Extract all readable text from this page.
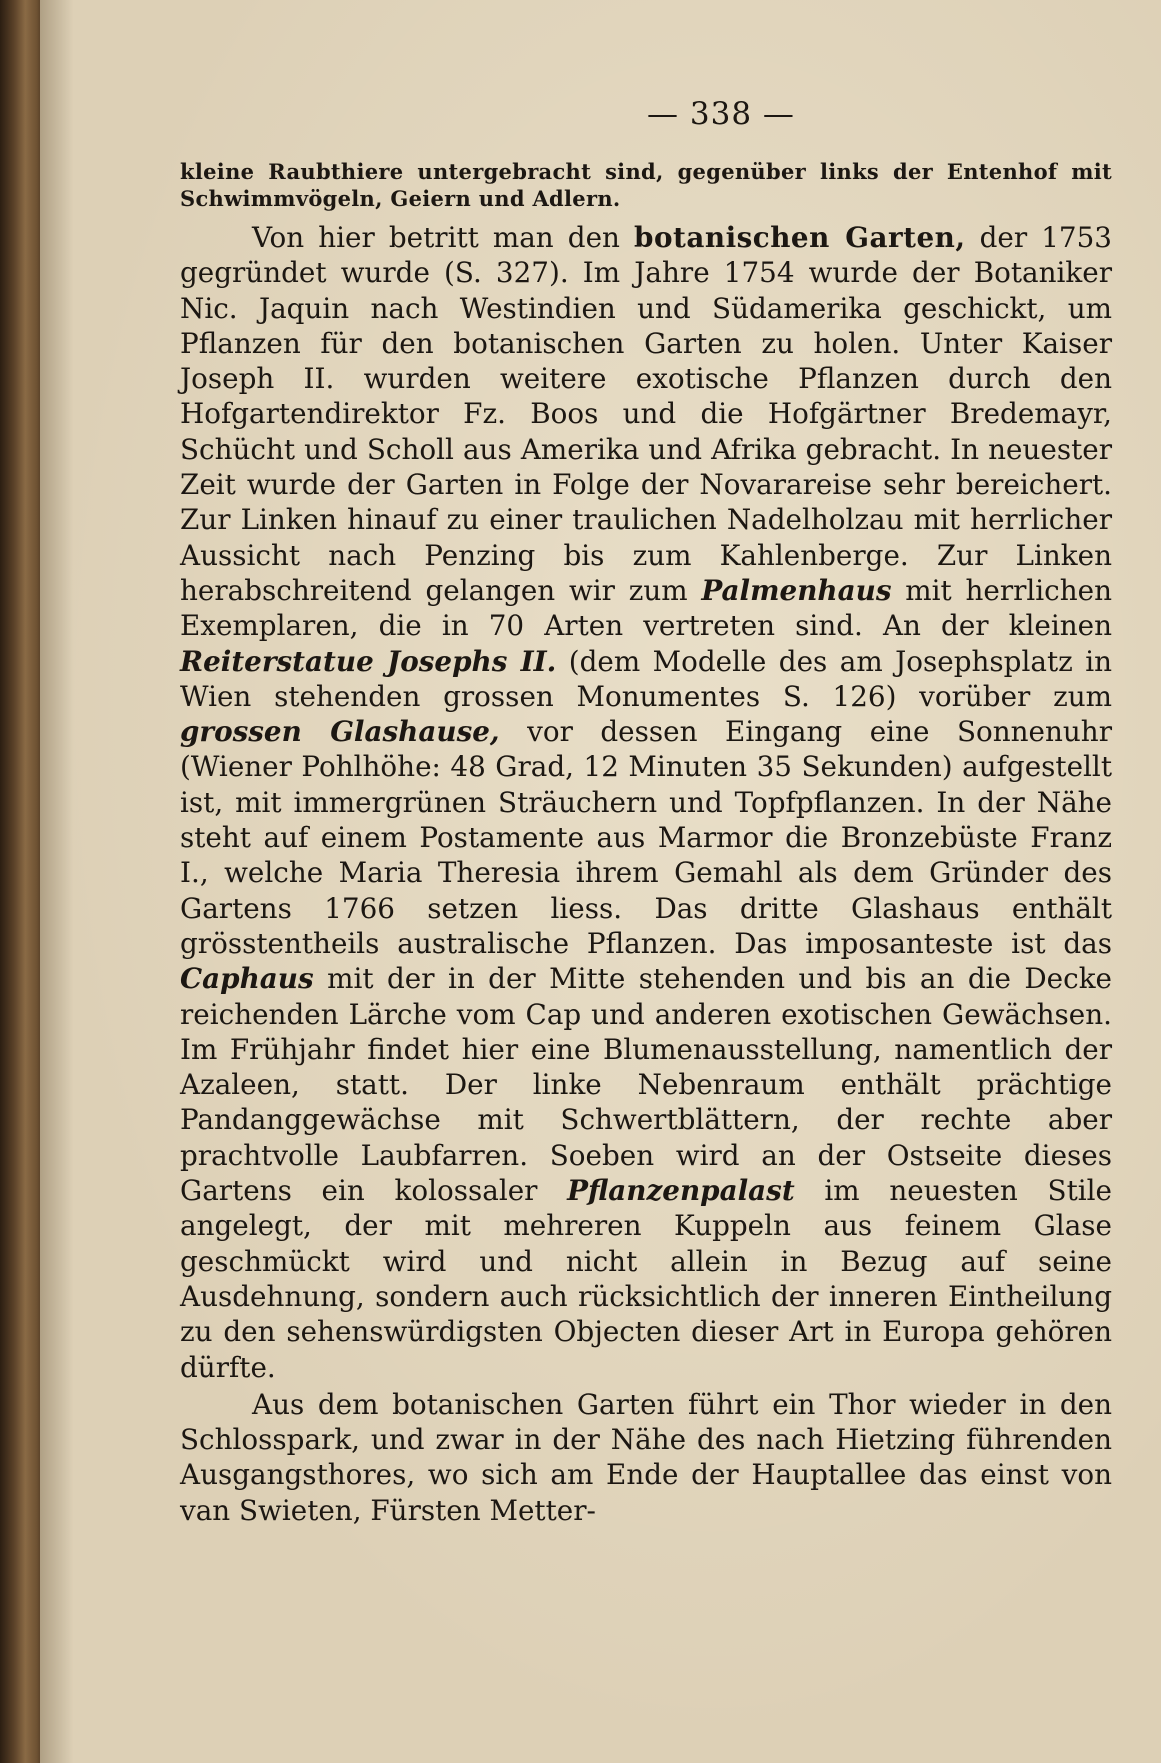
— 338 —
kleine Raubthiere untergebracht sind, gegenüber links der Entenhof mit Schwimmvögeln, Geiern und Adlern.

Von hier betritt man den botanischen Garten, der 1753 gegründet wurde (S. 327). Im Jahre 1754 wurde der Botaniker Nic. Jaquin nach Westindien und Südamerika geschickt, um Pflanzen für den botanischen Garten zu holen. Unter Kaiser Joseph II. wurden weitere exotische Pflanzen durch den Hofgartendirektor Fz. Boos und die Hofgärtner Bredemayr, Schücht und Scholl aus Amerika und Afrika gebracht. In neuester Zeit wurde der Garten in Folge der Novarareise sehr bereichert. Zur Linken hinauf zu einer traulichen Nadelholzau mit herrlicher Aussicht nach Penzing bis zum Kahlenberge. Zur Linken herabschreitend gelangen wir zum Palmenhaus mit herrlichen Exemplaren, die in 70 Arten vertreten sind. An der kleinen Reiterstatue Josephs II. (dem Modelle des am Josephsplatz in Wien stehenden grossen Monumentes S. 126) vorüber zum grossen Glashause, vor dessen Eingang eine Sonnenuhr (Wiener Pohlhöhe: 48 Grad, 12 Minuten 35 Sekunden) aufgestellt ist, mit immergrünen Sträuchern und Topfpflanzen. In der Nähe steht auf einem Postamente aus Marmor die Bronzebüste Franz I., welche Maria Theresia ihrem Gemahl als dem Gründer des Gartens 1766 setzen liess. Das dritte Glashaus enthält grösstentheils australische Pflanzen. Das imposanteste ist das Caphaus mit der in der Mitte stehenden und bis an die Decke reichenden Lärche vom Cap und anderen exotischen Gewächsen. Im Frühjahr findet hier eine Blumenausstellung, namentlich der Azaleen, statt. Der linke Nebenraum enthält prächtige Pandanggewächse mit Schwertblättern, der rechte aber prachtvolle Laubfarren. Soeben wird an der Ostseite dieses Gartens ein kolossaler Pflanzenpalast im neuesten Stile angelegt, der mit mehreren Kuppeln aus feinem Glase geschmückt wird und nicht allein in Bezug auf seine Ausdehnung, sondern auch rücksichtlich der inneren Eintheilung zu den sehenswürdigsten Objecten dieser Art in Europa gehören dürfte.

Aus dem botanischen Garten führt ein Thor wieder in den Schlosspark, und zwar in der Nähe des nach Hietzing führenden Ausgangsthores, wo sich am Ende der Hauptallee das einst von van Swieten, Fürsten Metter-
